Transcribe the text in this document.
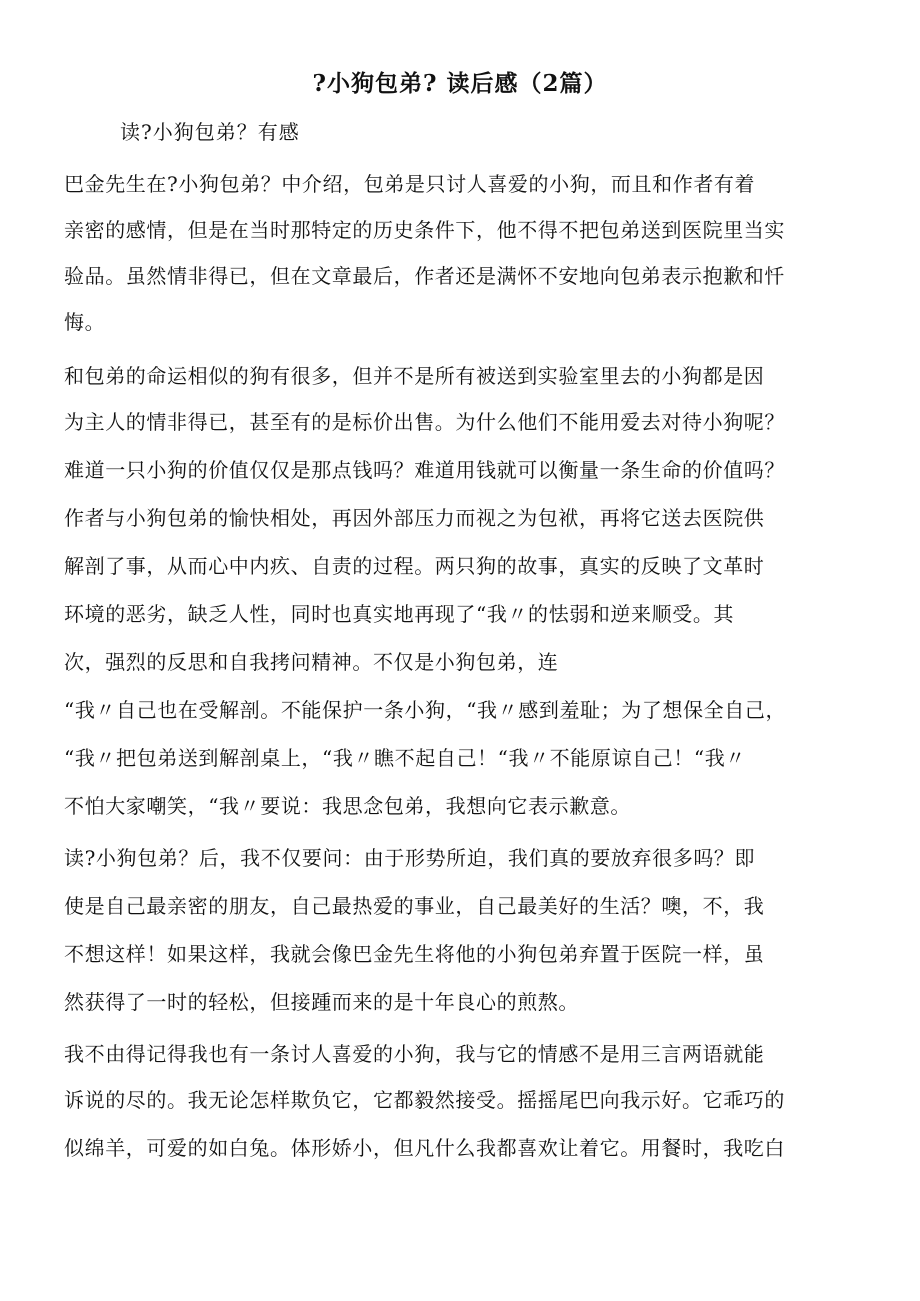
?小狗包弟? 读后感（2篇）
读?小狗包弟？有感
巴金先生在?小狗包弟？中介绍，包弟是只讨人喜爱的小狗，而且和作者有着
亲密的感情，但是在当时那特定的历史条件下，他不得不把包弟送到医院里当实
验品。虽然情非得已，但在文章最后，作者还是满怀不安地向包弟表示抱歉和忏
悔。
和包弟的命运相似的狗有很多，但并不是所有被送到实验室里去的小狗都是因
为主人的情非得已，甚至有的是标价出售。为什么他们不能用爱去对待小狗呢？
难道一只小狗的价值仅仅是那点钱吗？难道用钱就可以衡量一条生命的价值吗？
作者与小狗包弟的愉快相处，再因外部压力而视之为包袱，再将它送去医院供
解剖了事，从而心中内疚、自责的过程。两只狗的故事，真实的反映了文革时
环境的恶劣，缺乏人性，同时也真实地再现了“我〃的怯弱和逆来顺受。其
次，强烈的反思和自我拷问精神。不仅是小狗包弟，连
“我〃自己也在受解剖。不能保护一条小狗，“我〃感到羞耻；为了想保全自己，
“我〃把包弟送到解剖桌上，“我〃瞧不起自己！“我〃不能原谅自己！“我〃
不怕大家嘲笑，“我〃要说：我思念包弟，我想向它表示歉意。
读?小狗包弟？后，我不仅要问：由于形势所迫，我们真的要放弃很多吗？即
使是自己最亲密的朋友，自己最热爱的事业，自己最美好的生活？噢，不，我
不想这样！如果这样，我就会像巴金先生将他的小狗包弟弃置于医院一样，虽
然获得了一时的轻松，但接踵而来的是十年良心的煎熬。
我不由得记得我也有一条讨人喜爱的小狗，我与它的情感不是用三言两语就能
诉说的尽的。我无论怎样欺负它，它都毅然接受。摇摇尾巴向我示好。它乖巧的
似绵羊，可爱的如白兔。体形娇小，但凡什么我都喜欢让着它。用餐时，我吃白
